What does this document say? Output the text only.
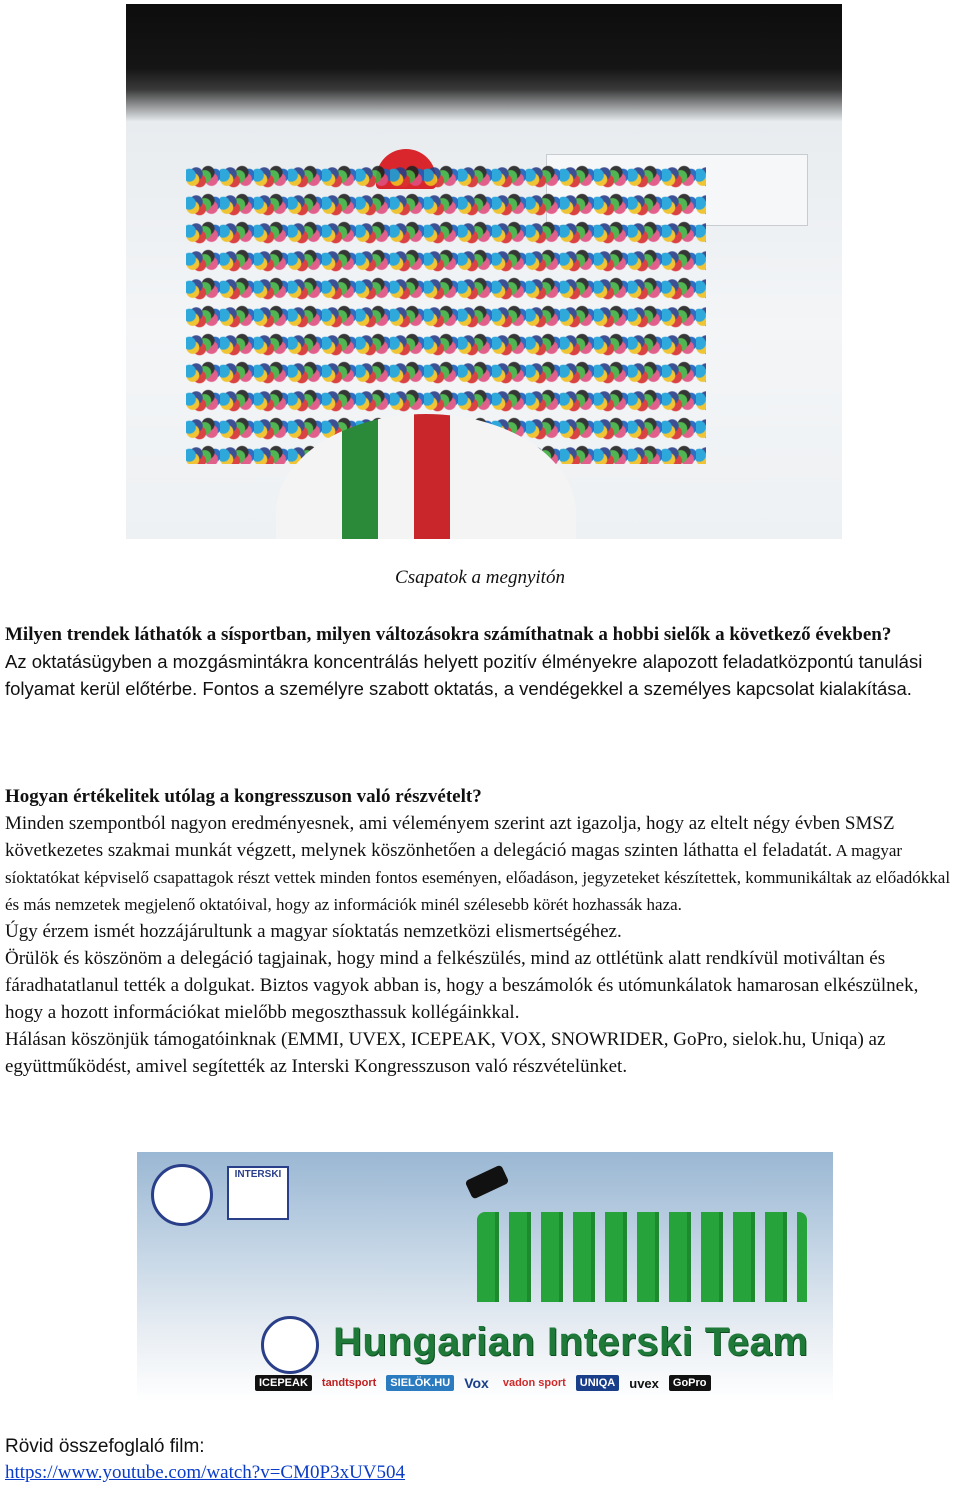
Csapatok a megnyitón
Milyen trendek láthatók a sísportban, milyen változásokra számíthatnak a hobbi sielők a következő években?
Az oktatásügyben a mozgásmintákra koncentrálás helyett pozitív élményekre alapozott feladatközpontú tanulási folyamat kerül előtérbe. Fontos a személyre szabott oktatás, a vendégekkel a személyes kapcsolat kialakítása.
Hogyan értékelitek utólag a kongresszuson való részvételt?
Minden szempontból nagyon eredményesnek, ami véleményem szerint azt igazolja, hogy az eltelt négy évben SMSZ következetes szakmai munkát végzett, melynek köszönhetően a delegáció magas szinten láthatta el feladatát. A magyar síoktatókat képviselő csapattagok részt vettek minden fontos eseményen, előadáson, jegyzeteket készítettek, kommunikáltak az előadókkal és más nemzetek megjelenő oktatóival, hogy az információk minél szélesebb körét hozhassák haza.
Úgy érzem ismét hozzájárultunk a magyar síoktatás nemzetközi elismertségéhez.
Örülök és köszönöm a delegáció tagjainak, hogy mind a felkészülés, mind az ottlétünk alatt rendkívül motiváltan és fáradhatatlanul tették a dolgukat. Biztos vagyok abban is, hogy a beszámolók és utómunkálatok hamarosan elkészülnek, hogy a hozott információkat mielőbb megoszthassuk kollégáinkkal.
Hálásan köszönjük támogatóinknak (EMMI, UVEX, ICEPEAK, VOX, SNOWRIDER, GoPro, sielok.hu, Uniqa) az együttműködést, amivel segítették az Interski Kongresszuson való részvételünket.
INTERSKI
Hungarian Interski Team
ICEPEAK	tandtsport	SIELÖK.HU Vox	vadon sport	UNIQA	uvex	GoPro
Rövid összefoglaló film:
https://www.youtube.com/watch?v=CM0P3xUV504
